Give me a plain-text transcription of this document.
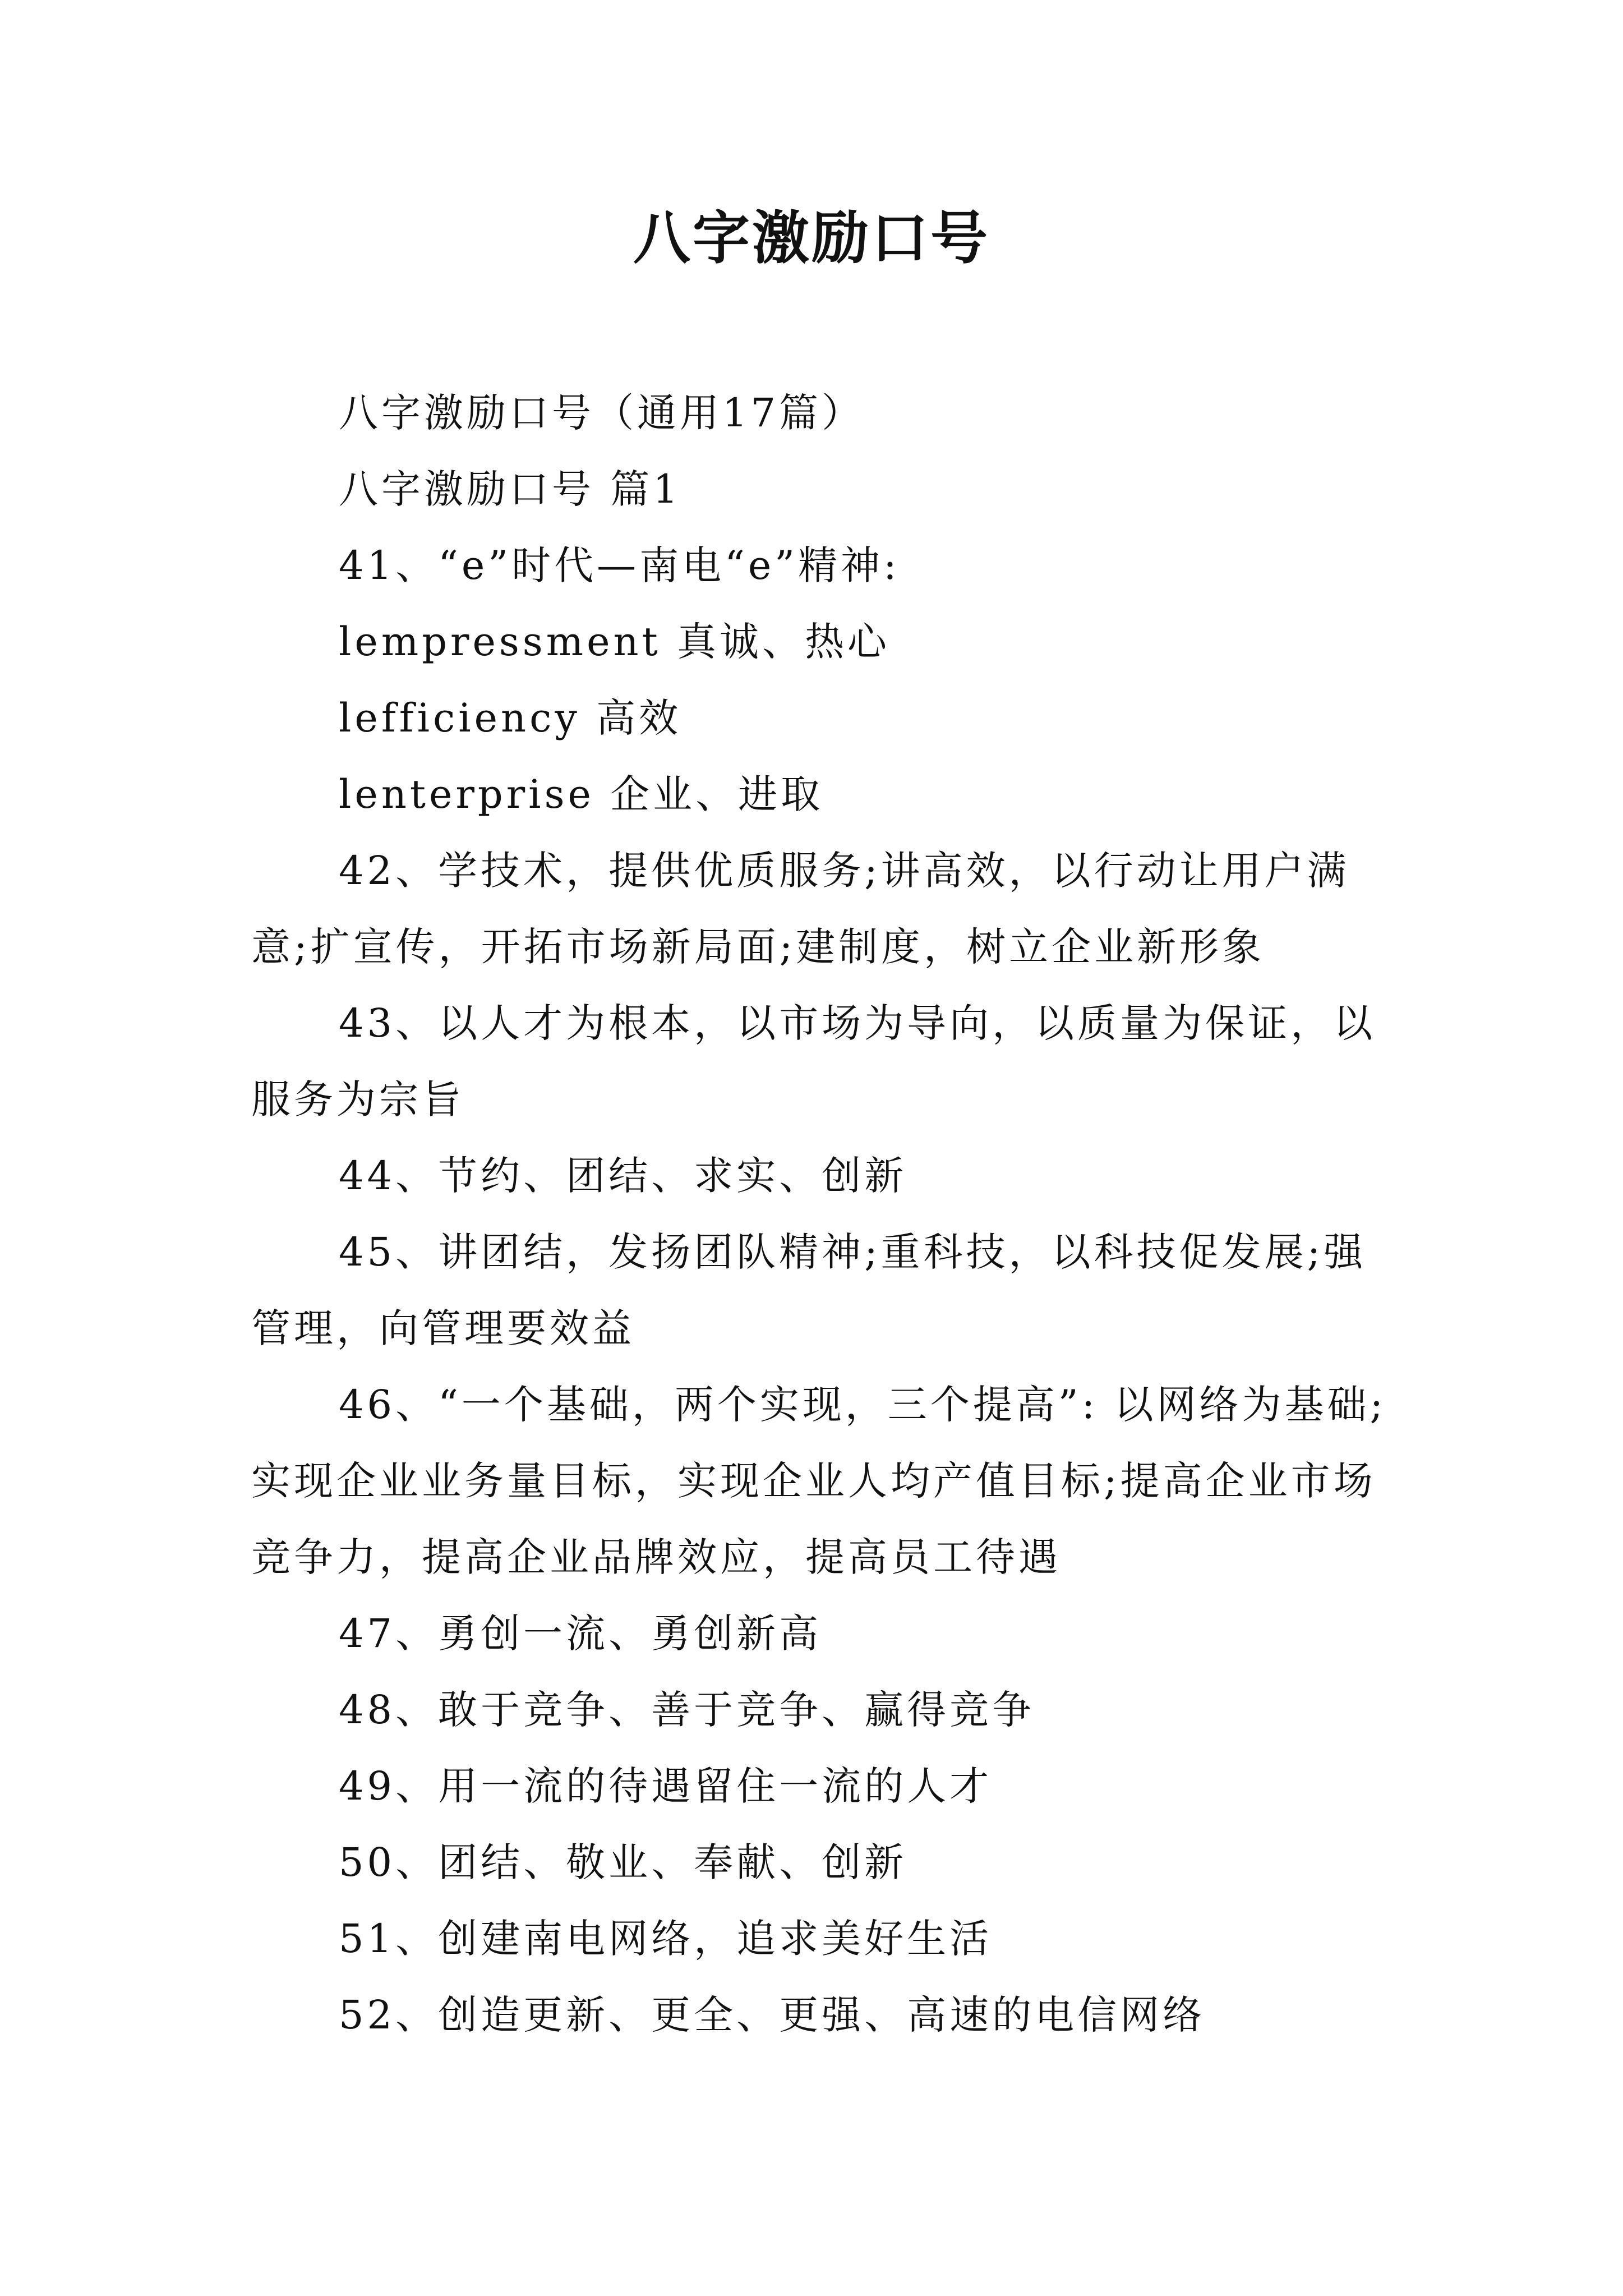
八字激励口号

八字激励口号（通用17篇）

八字激励口号 篇1

41、“e”时代—南电“e”精神:

lempressment 真诚、热心

lefficiency 高效

lenterprise 企业、进取

42、学技术，提供优质服务;讲高效，以行动让用户满意;扩宣传，开拓市场新局面;建制度，树立企业新形象

43、以人才为根本，以市场为导向，以质量为保证，以服务为宗旨

44、节约、团结、求实、创新

45、讲团结，发扬团队精神;重科技，以科技促发展;强管理，向管理要效益

46、“一个基础，两个实现，三个提高”: 以网络为基础;实现企业业务量目标，实现企业人均产值目标;提高企业市场竞争力，提高企业品牌效应，提高员工待遇

47、勇创一流、勇创新高

48、敢于竞争、善于竞争、赢得竞争

49、用一流的待遇留住一流的人才

50、团结、敬业、奉献、创新

51、创建南电网络，追求美好生活

52、创造更新、更全、更强、高速的电信网络
